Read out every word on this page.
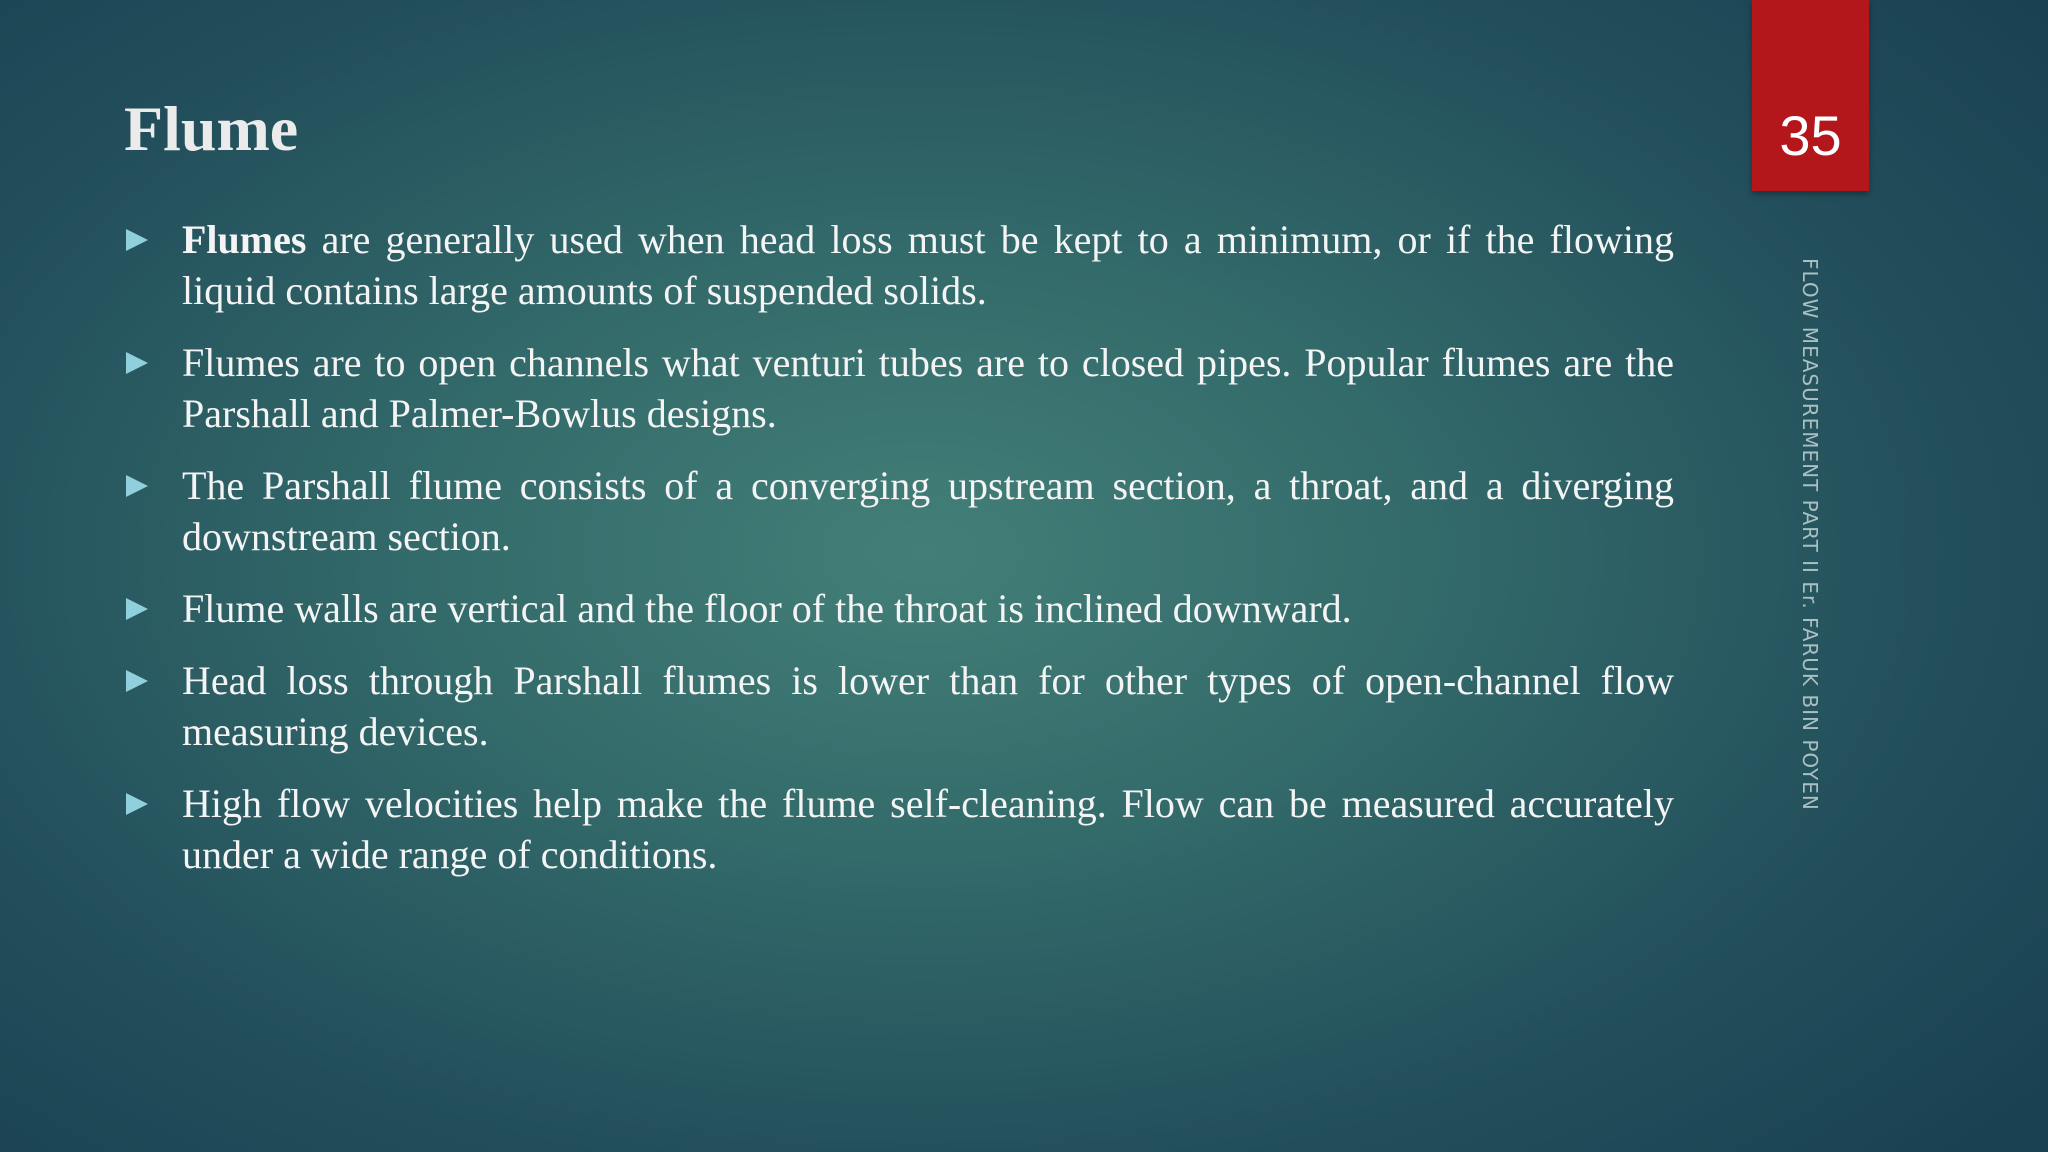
Flume	35
FLOW MEASUREMENT PART II Er. FARUK BIN POYEN
Flumes are generally used when head loss must be kept to a minimum, or if the flowing liquid contains large amounts of suspended solids.
Flumes are to open channels what venturi tubes are to closed pipes. Popular flumes are the Parshall and Palmer-Bowlus designs.
The Parshall flume consists of a converging upstream section, a throat, and a diverging downstream section.
Flume walls are vertical and the floor of the throat is inclined downward.
Head loss through Parshall flumes is lower than for other types of open-channel flow measuring devices.
High flow velocities help make the flume self-cleaning. Flow can be measured accurately under a wide range of conditions.
